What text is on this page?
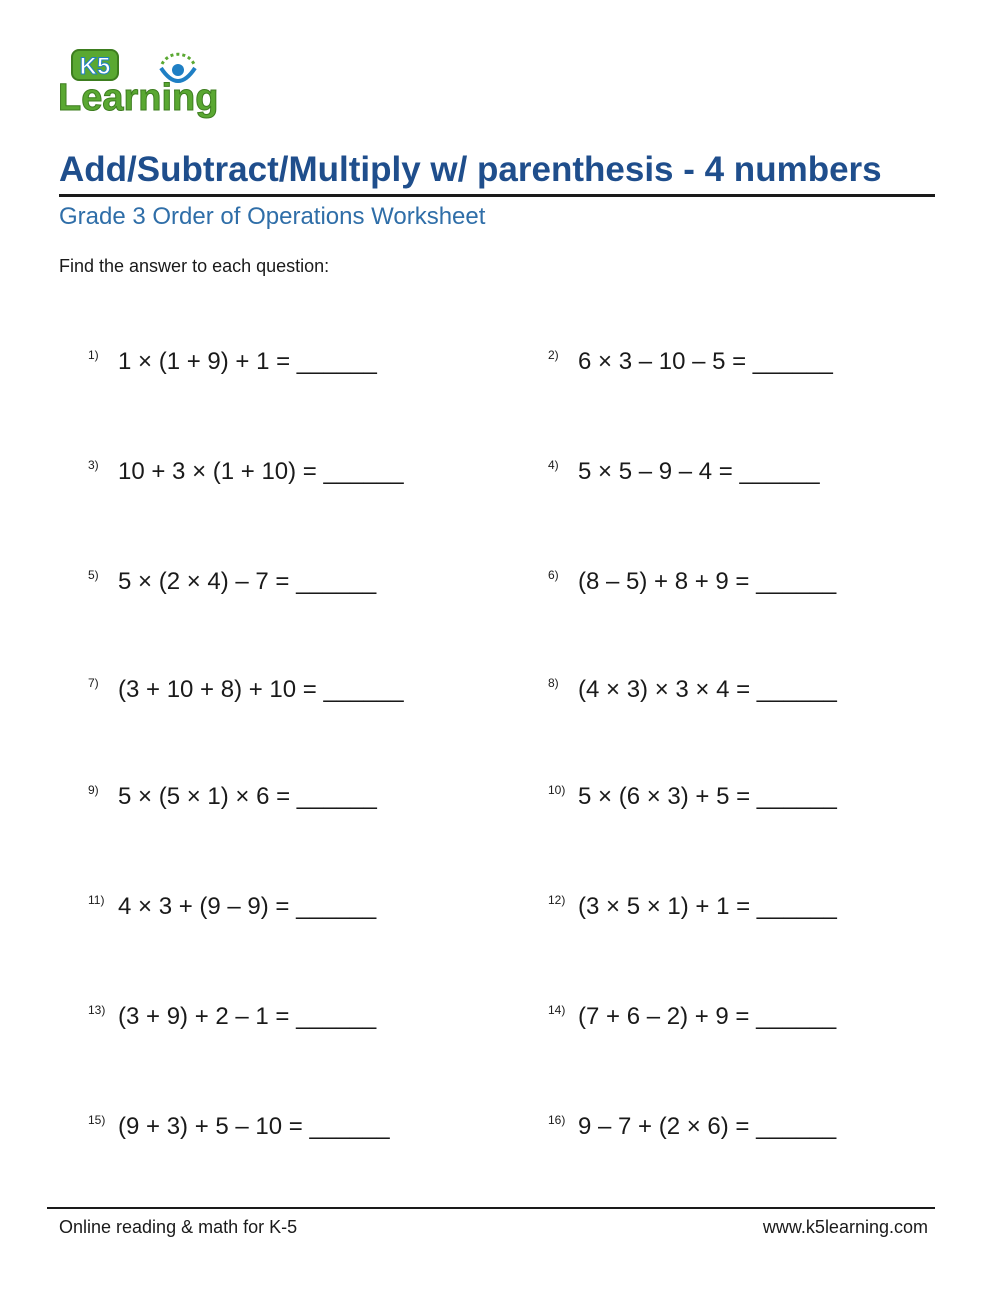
K5
Learning
Add/Subtract/Multiply w/ parenthesis - 4 numbers
Grade 3 Order of Operations Worksheet
Find the answer to each question:
1) 1 × (1 + 9) + 1 = ______	2) 6 × 3 – 10 – 5 = ______
3) 10 + 3 × (1 + 10) = ______	4) 5 × 5 – 9 – 4 = ______
5) 5 × (2 × 4) – 7 = ______	6) (8 – 5) + 8 + 9 = ______
7) (3 + 10 + 8) + 10 = ______	8) (4 × 3) × 3 × 4 = ______
9) 5 × (5 × 1) × 6 = ______	10) 5 × (6 × 3) + 5 = ______
11) 4 × 3 + (9 – 9) = ______	12) (3 × 5 × 1) + 1 = ______
13) (3 + 9) + 2 – 1 = ______	14) (7 + 6 – 2) + 9 = ______
15) (9 + 3) + 5 – 10 = ______	16) 9 – 7 + (2 × 6) = ______
Online reading & math for K-5	www.k5learning.com
